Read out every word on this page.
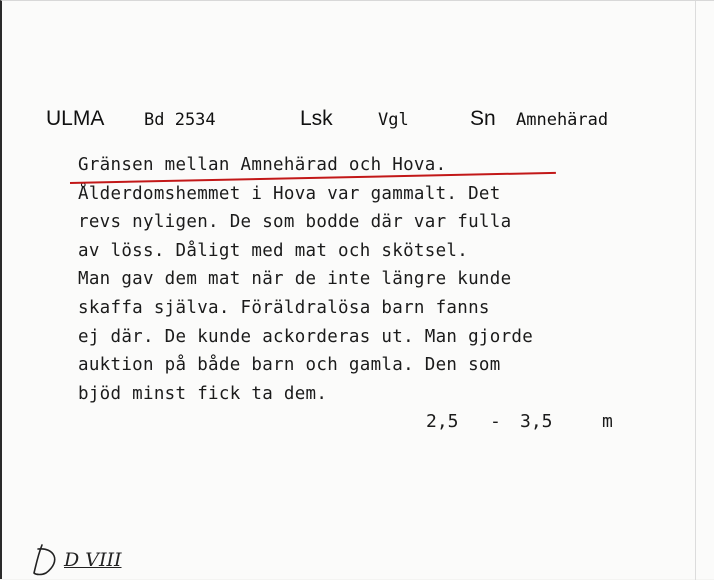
ULMA Bd 2534	Lsk	Vgl	Sn Amnehärad
Gränsen mellan Amnehärad och Hova.
Ålderdomshemmet i Hova var gammalt. Det
revs nyligen. De som bodde där var fulla
av löss. Dåligt med mat och skötsel.
Man gav dem mat när de inte längre kunde
skaffa själva. Föräldralösa barn fanns
ej där. De kunde ackorderas ut. Man gjorde
auktion på både barn och gamla. Den som
bjöd minst fick ta dem.
2,5 - 3,5	m
D VIII
